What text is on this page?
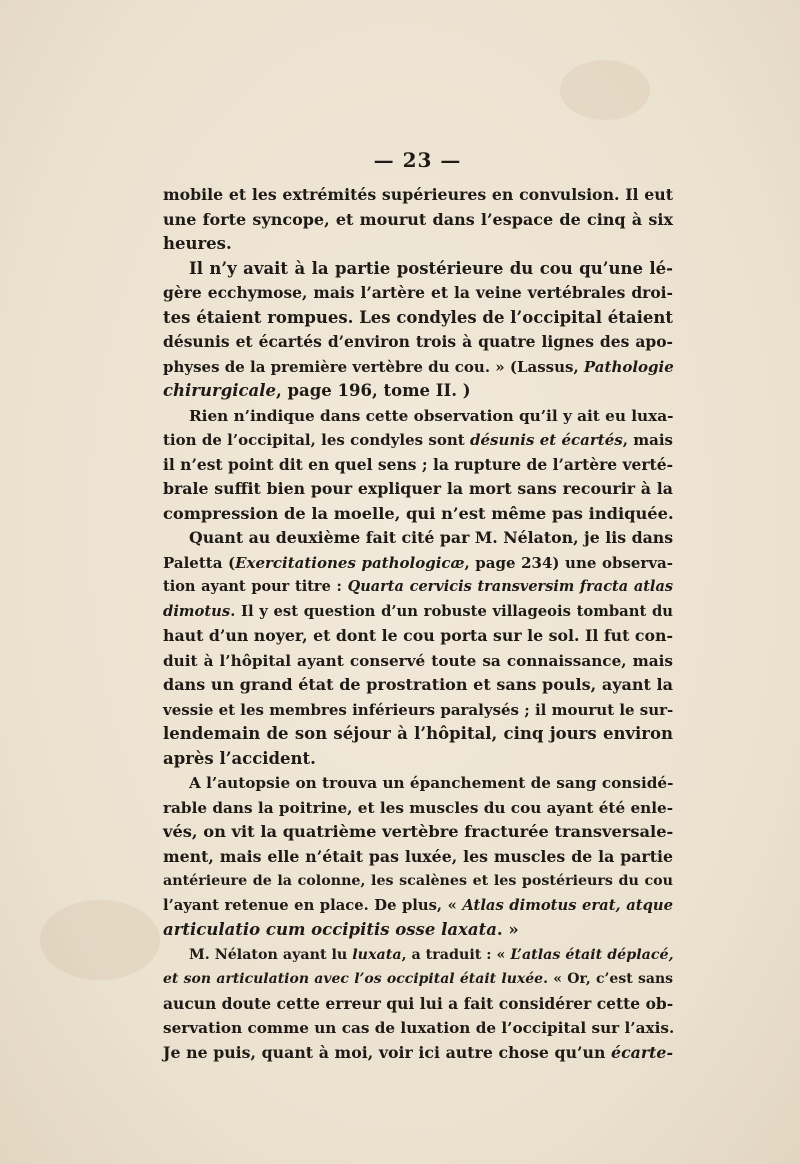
— 23 —

mobile et les extrémités supérieures en convulsion. Il eut
une forte syncope, et mourut dans l’espace de cinq à six
heures.
Il n’y avait à la partie postérieure du cou qu’une lé-
gère ecchymose, mais l’artère et la veine vertébrales droi-
tes étaient rompues. Les condyles de l’occipital étaient
désunis et écartés d’environ trois à quatre lignes des apo-
physes de la première vertèbre du cou. » (Lassus, Pathologie
chirurgicale, page 196, tome II. )
Rien n’indique dans cette observation qu’il y ait eu luxa-
tion de l’occipital, les condyles sont désunis et écartés, mais
il n’est point dit en quel sens ; la rupture de l’artère verté-
brale suffit bien pour expliquer la mort sans recourir à la
compression de la moelle, qui n’est même pas indiquée.
Quant au deuxième fait cité par M. Nélaton, je lis dans
Paletta (Exercitationes pathologicæ, page 234) une observa-
tion ayant pour titre : Quarta cervicis transversim fracta atlas
dimotus. Il y est question d’un robuste villageois tombant du
haut d’un noyer, et dont le cou porta sur le sol. Il fut con-
duit à l’hôpital ayant conservé toute sa connaissance, mais
dans un grand état de prostration et sans pouls, ayant la
vessie et les membres inférieurs paralysés ; il mourut le sur-
lendemain de son séjour à l’hôpital, cinq jours environ
après l’accident.
A l’autopsie on trouva un épanchement de sang considé-
rable dans la poitrine, et les muscles du cou ayant été enle-
vés, on vit la quatrième vertèbre fracturée transversale-
ment, mais elle n’était pas luxée, les muscles de la partie
antérieure de la colonne, les scalènes et les postérieurs du cou
l’ayant retenue en place. De plus, « Atlas dimotus erat, atque
articulatio cum occipitis osse laxata. »
M. Nélaton ayant lu luxata, a traduit : « L’atlas était déplacé,
et son articulation avec l’os occipital était luxée. « Or, c’est sans
aucun doute cette erreur qui lui a fait considérer cette ob-
servation comme un cas de luxation de l’occipital sur l’axis.
Je ne puis, quant à moi, voir ici autre chose qu’un écarte-
